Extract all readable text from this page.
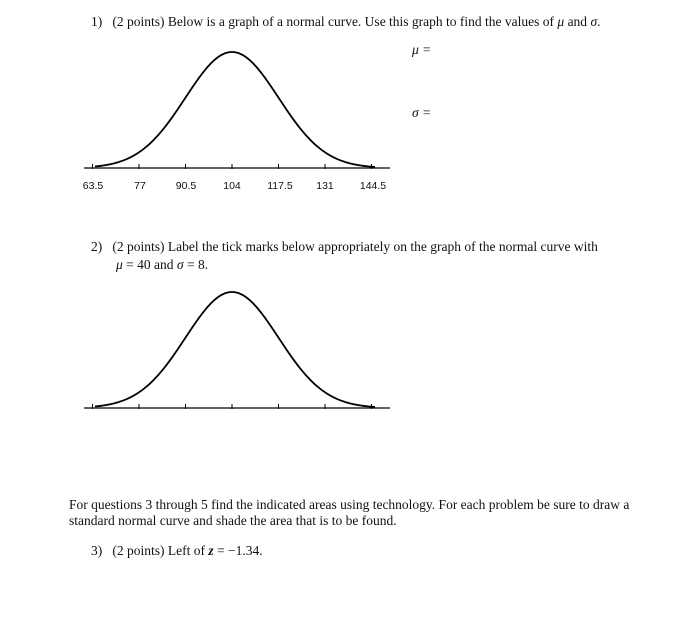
1) (2 points) Below is a graph of a normal curve. Use this graph to find the values of μ and σ.
μ =
σ =
63.5	77	90.5	104	117.5 131 144.5
2) (2 points) Label the tick marks below appropriately on the graph of the normal curve with
μ = 40 and σ = 8.
For questions 3 through 5 find the indicated areas using technology. For each problem be sure to draw a
standard normal curve and shade the area that is to be found.
3) (2 points) Left of z = −1.34.
